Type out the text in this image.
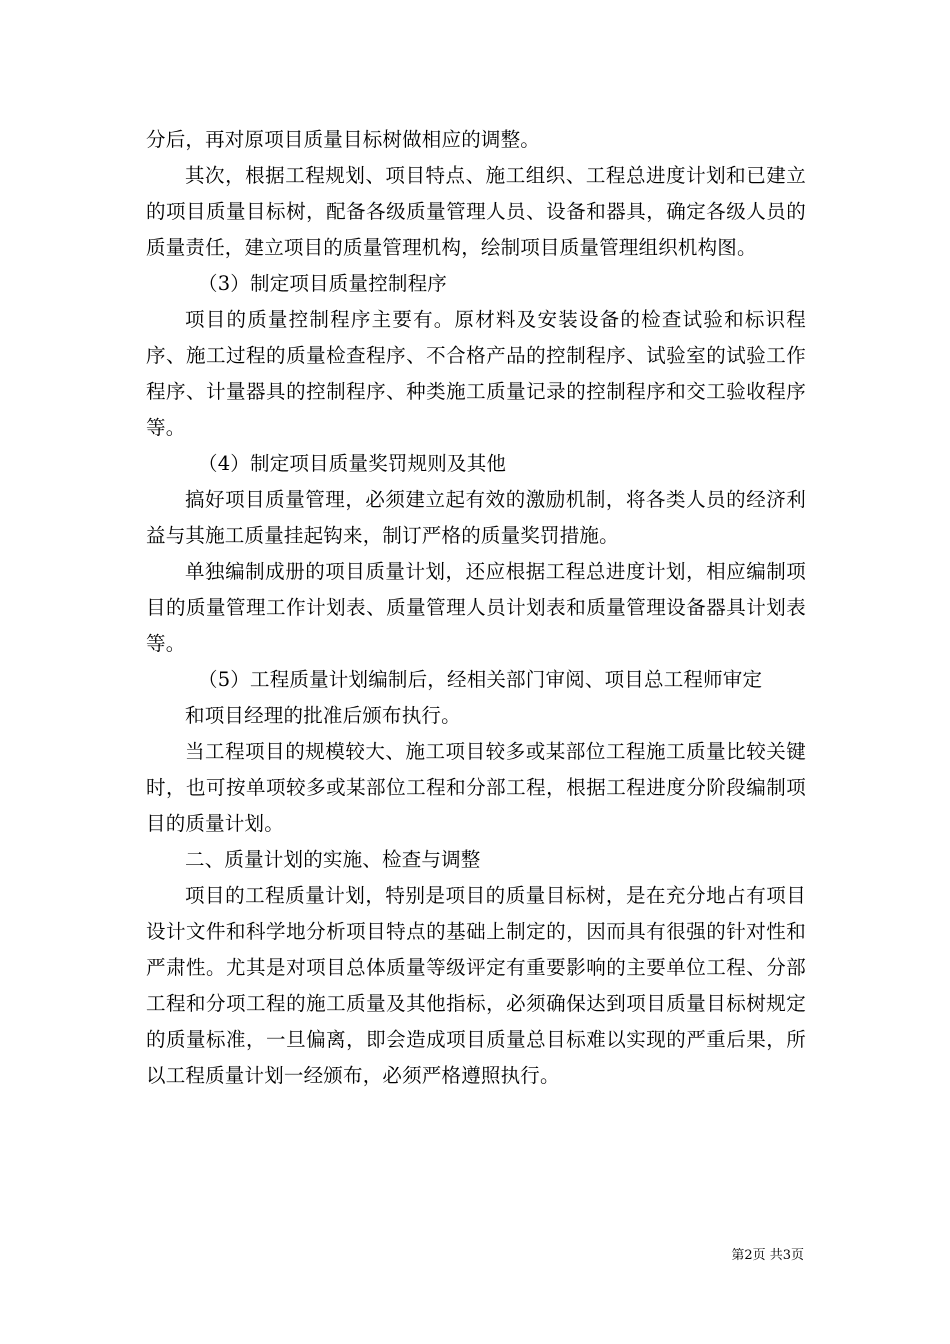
分后，再对原项目质量目标树做相应的调整。

其次，根据工程规划、项目特点、施工组织、工程总进度计划和已建立的项目质量目标树，配备各级质量管理人员、设备和器具，确定各级人员的质量责任，建立项目的质量管理机构，绘制项目质量管理组织机构图。

（3）制定项目质量控制程序

项目的质量控制程序主要有。原材料及安装设备的检查试验和标识程序、施工过程的质量检查程序、不合格产品的控制程序、试验室的试验工作程序、计量器具的控制程序、种类施工质量记录的控制程序和交工验收程序等。

（4）制定项目质量奖罚规则及其他

搞好项目质量管理，必须建立起有效的激励机制，将各类人员的经济利益与其施工质量挂起钩来，制订严格的质量奖罚措施。

单独编制成册的项目质量计划，还应根据工程总进度计划，相应编制项目的质量管理工作计划表、质量管理人员计划表和质量管理设备器具计划表等。

（5）工程质量计划编制后，经相关部门审阅、项目总工程师审定

和项目经理的批准后颁布执行。

当工程项目的规模较大、施工项目较多或某部位工程施工质量比较关键时，也可按单项较多或某部位工程和分部工程，根据工程进度分阶段编制项目的质量计划。

二、质量计划的实施、检查与调整

项目的工程质量计划，特别是项目的质量目标树，是在充分地占有项目设计文件和科学地分析项目特点的基础上制定的，因而具有很强的针对性和严肃性。尤其是对项目总体质量等级评定有重要影响的主要单位工程、分部工程和分项工程的施工质量及其他指标，必须确保达到项目质量目标树规定的质量标准，一旦偏离，即会造成项目质量总目标难以实现的严重后果，所以工程质量计划一经颁布，必须严格遵照执行。

第2页 共3页
